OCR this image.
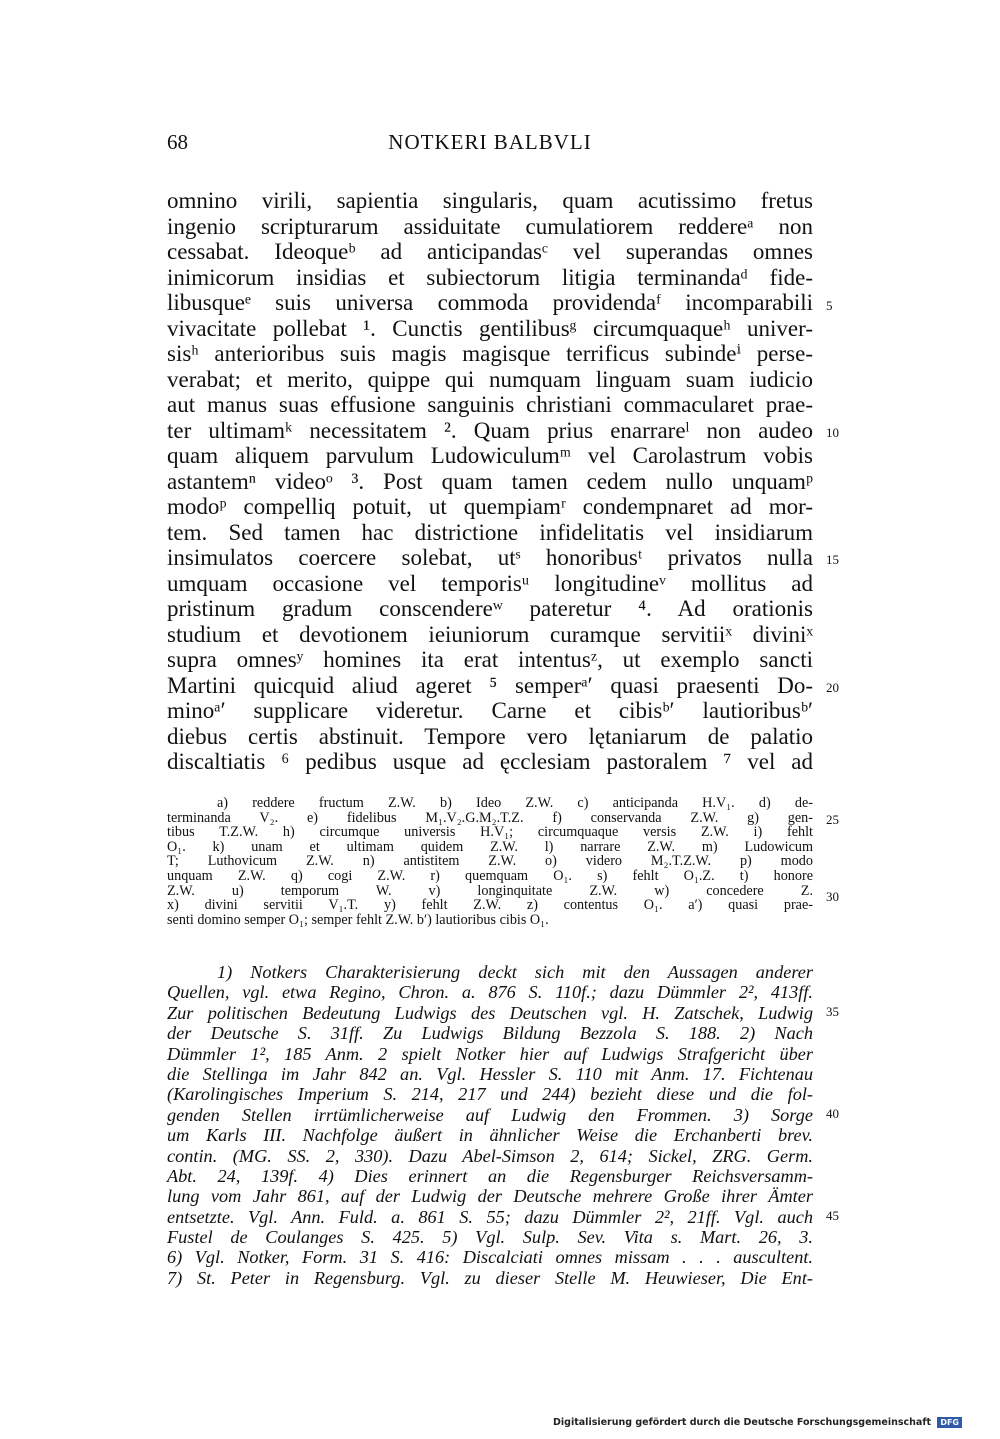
68	NOTKERI BALBVLI
omnino virili, sapientia singularis, quam acutissimo fretus
ingenio scripturarum assiduitate cumulatiorem reddereᵃ non
cessabat. Ideoqueᵇ ad anticipandasᶜ vel superandas omnes
inimicorum insidias et subiectorum litigia terminandaᵈ fide-
libusqueᵉ suis universa commoda providendaᶠ incomparabili
vivacitate pollebat ¹. Cunctis gentilibusᵍ circumquaqueʰ univer-
sisʰ anterioribus suis magis magisque terrificus subindeⁱ perse-
verabat; et merito, quippe qui numquam linguam suam iudicio
aut manus suas effusione sanguinis christiani commacularet prae-
ter ultimamᵏ necessitatem ². Quam prius enarrareˡ non audeo
quam aliquem parvulum Ludowiculumᵐ vel Carolastrum vobis
astantemⁿ videoᵒ ³. Post quam tamen cedem nullo unquamᵖ
modoᵖ compelliq potuit, ut quempiamʳ condempnaret ad mor-
tem. Sed tamen hac districtione infidelitatis vel insidiarum
insimulatos coercere solebat, utˢ honoribusᵗ privatos nulla
umquam occasione vel temporisᵘ longitudineᵛ mollitus ad
pristinum gradum conscendereʷ pateretur ⁴. Ad orationis
studium et devotionem ieiuniorum curamque servitiiˣ diviniˣ
supra omnesʸ homines ita erat intentusᶻ, ut exemplo sancti
Martini quicquid aliud ageret ⁵ semperᵃ′ quasi praesenti Do-
minoᵃ′ supplicare videretur. Carne et cibisᵇ′ lautioribusᵇ′
diebus certis abstinuit. Tempore vero lętaniarum de palatio
discaltiatis ⁶ pedibus usque ad ęcclesiam pastoralem ⁷ vel ad
a) reddere fructum Z.W. b) Ideo Z.W. c) anticipanda H.V₁. d) de-
terminanda V₂. e) fidelibus M₁.V₂.G.M₂.T.Z. f) conservanda Z.W. g) gen-
tibus T.Z.W. h) circumque universis H.V₁; circumquaque versis Z.W. i) fehlt
O₁. k) unam et ultimam quidem Z.W. l) narrare Z.W. m) Ludowicum
T; Luthovicum Z.W. n) antistitem Z.W. o) videro M₂.T.Z.W. p) modo
unquam Z.W. q) cogi Z.W. r) quemquam O₁. s) fehlt O₁.Z. t) honore
Z.W. u) temporum W. v) longinquitate Z.W. w) concedere Z.
x) divini servitii V₁.T. y) fehlt Z.W. z) contentus O₁. a′) quasi prae-
senti domino semper O₁; semper fehlt Z.W. b′) lautioribus cibis O₁.
1) Notkers Charakterisierung deckt sich mit den Aussagen anderer
Quellen, vgl. etwa Regino, Chron. a. 876 S. 110f.; dazu Dümmler 2², 413ff.
Zur politischen Bedeutung Ludwigs des Deutschen vgl. H. Zatschek, Ludwig
der Deutsche S. 31ff. Zu Ludwigs Bildung Bezzola S. 188. 2) Nach
Dümmler 1², 185 Anm. 2 spielt Notker hier auf Ludwigs Strafgericht über
die Stellinga im Jahr 842 an. Vgl. Hessler S. 110 mit Anm. 17. Fichtenau
(Karolingisches Imperium S. 214, 217 und 244) bezieht diese und die fol-
genden Stellen irrtümlicherweise auf Ludwig den Frommen. 3) Sorge
um Karls III. Nachfolge äußert in ähnlicher Weise die Erchanberti brev.
contin. (MG. SS. 2, 330). Dazu Abel-Simson 2, 614; Sickel, ZRG. Germ.
Abt. 24, 139f. 4) Dies erinnert an die Regensburger Reichsversamm-
lung vom Jahr 861, auf der Ludwig der Deutsche mehrere Große ihrer Ämter
entsetzte. Vgl. Ann. Fuld. a. 861 S. 55; dazu Dümmler 2², 21ff. Vgl. auch
Fustel de Coulanges S. 425. 5) Vgl. Sulp. Sev. Vita s. Mart. 26, 3.
6) Vgl. Notker, Form. 31 S. 416: Discalciati omnes missam . . . auscultent.
7) St. Peter in Regensburg. Vgl. zu dieser Stelle M. Heuwieser, Die Ent-
5
10
15
20
25
30
35
40
45
Digitalisierung gefördert durch die Deutsche Forschungsgemeinschaft DFG
